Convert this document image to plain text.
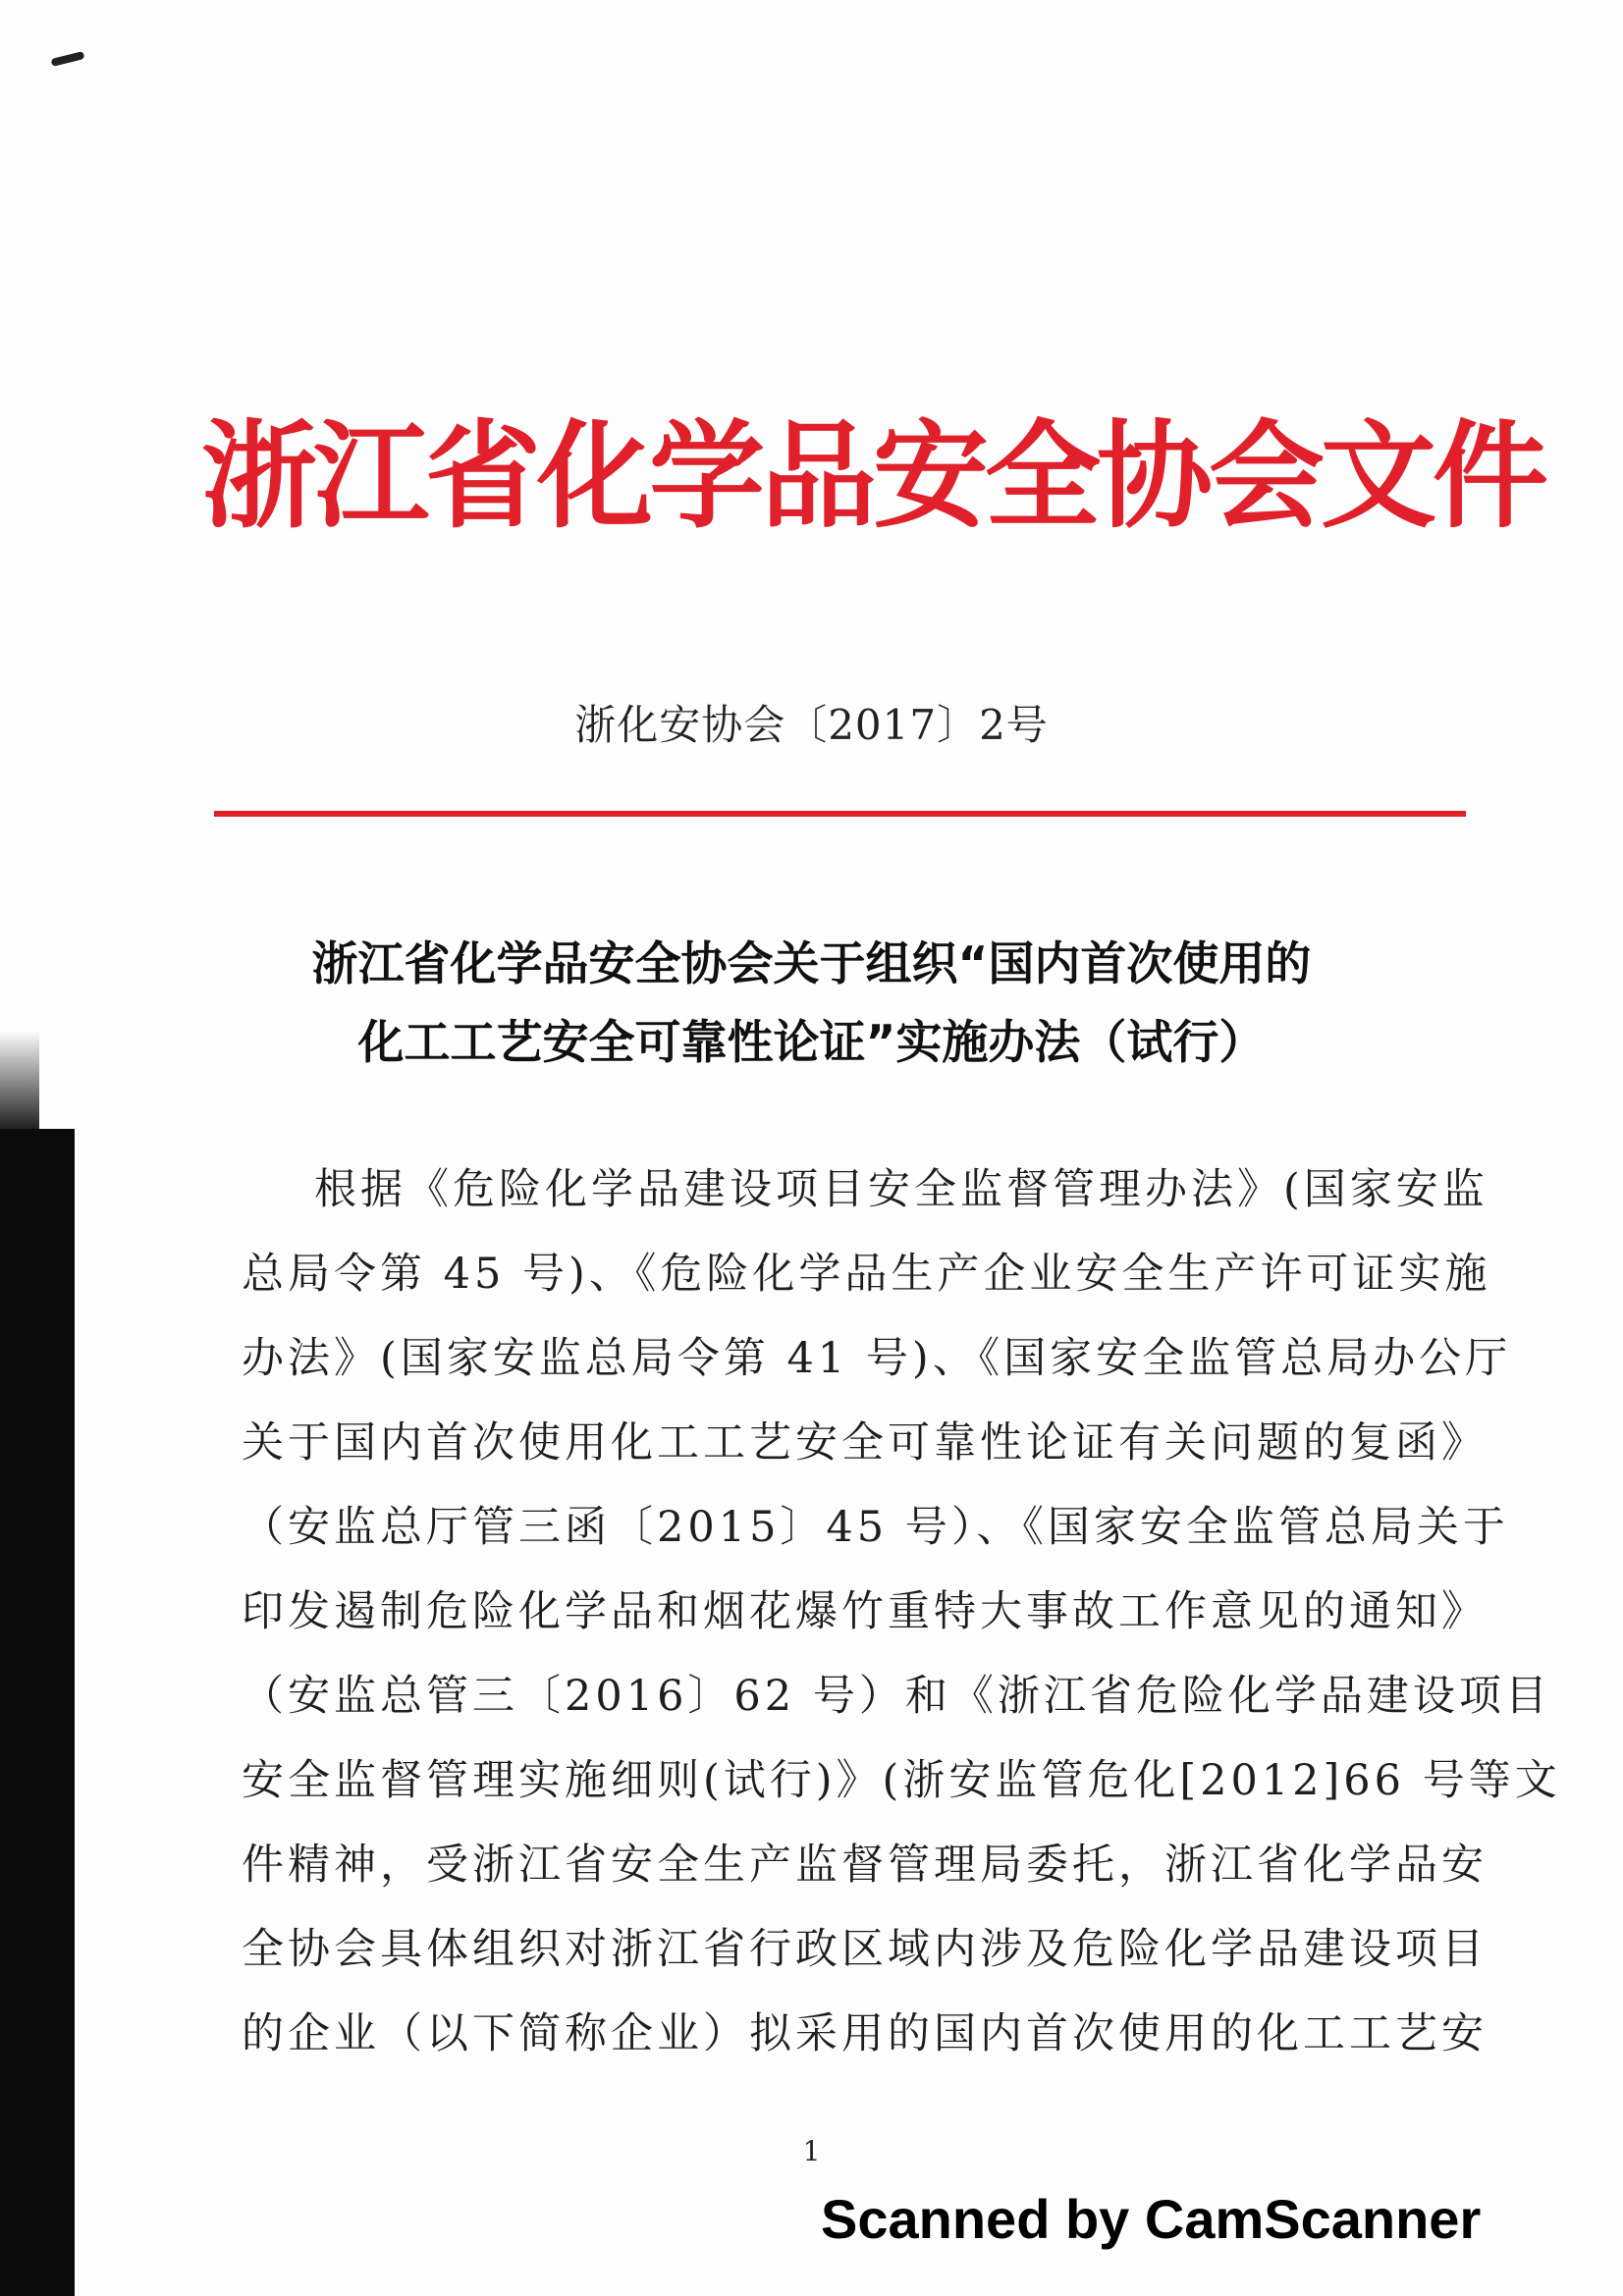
浙江省化学品安全协会文件
浙化安协会〔2017〕2号
浙江省化学品安全协会关于组织“国内首次使用的
化工工艺安全可靠性论证”实施办法（试行）
根据《危险化学品建设项目安全监督管理办法》(国家安监
总局令第 45 号)、《危险化学品生产企业安全生产许可证实施
办法》(国家安监总局令第 41 号)、《国家安全监管总局办公厅
关于国内首次使用化工工艺安全可靠性论证有关问题的复函》
（安监总厅管三函〔2015〕45 号）、《国家安全监管总局关于
印发遏制危险化学品和烟花爆竹重特大事故工作意见的通知》
（安监总管三〔2016〕62 号）和《浙江省危险化学品建设项目
安全监督管理实施细则(试行)》(浙安监管危化[2012]66 号等文
件精神，受浙江省安全生产监督管理局委托，浙江省化学品安
全协会具体组织对浙江省行政区域内涉及危险化学品建设项目
的企业（以下简称企业）拟采用的国内首次使用的化工工艺安
1
Scanned by CamScanner
